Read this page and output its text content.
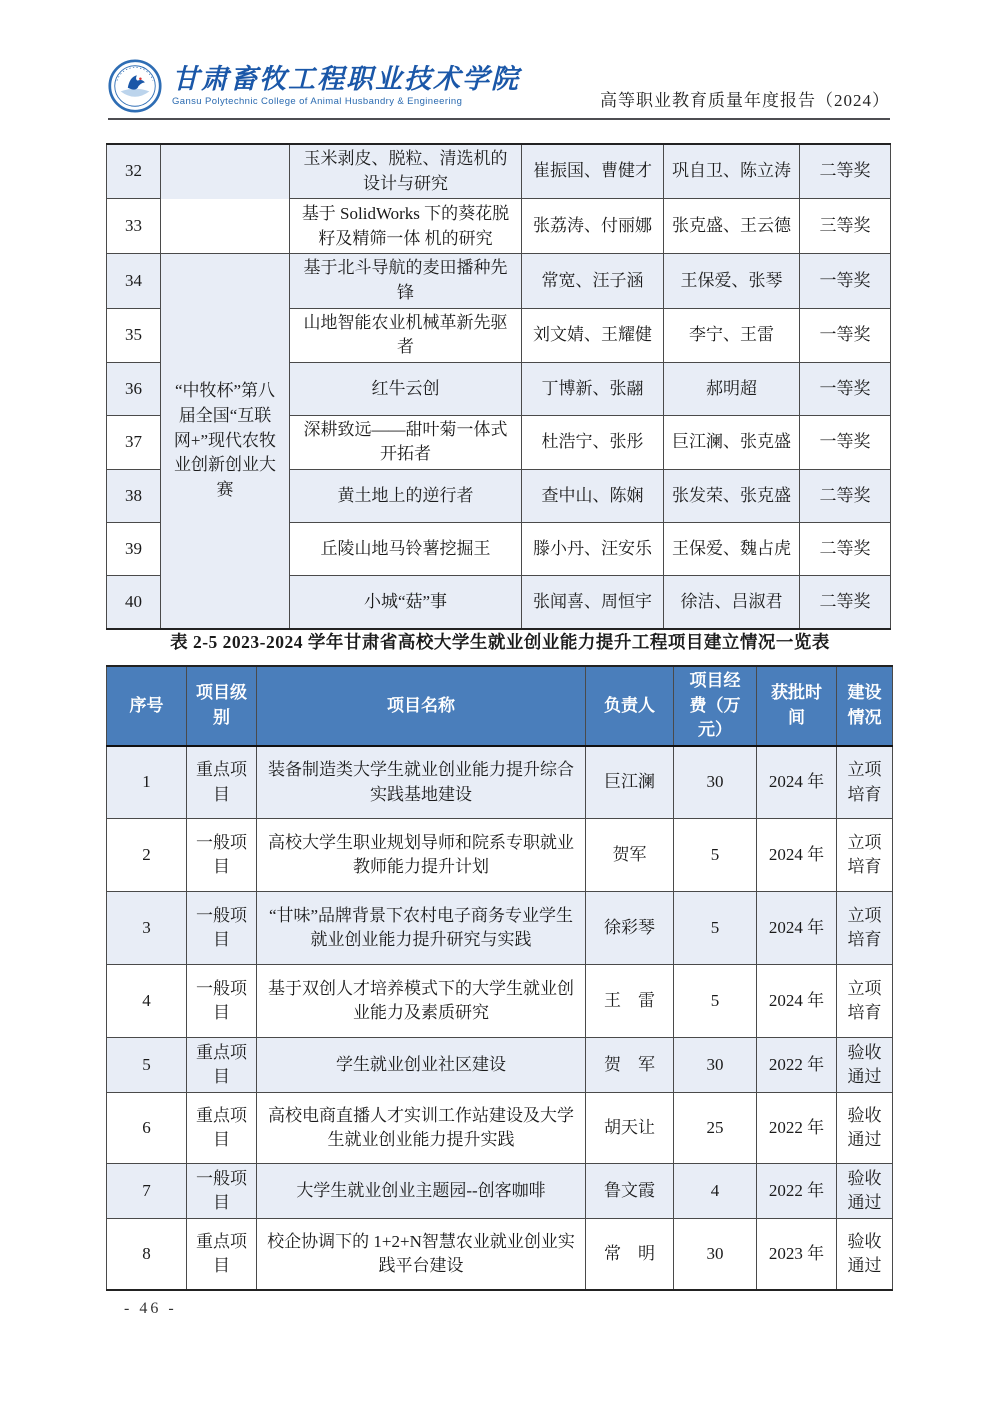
甘肃畜牧工程职业技术学院
Gansu Polytechnic College of Animal Husbandry & Engineering	高等职业教育质量年度报告（2024）
32		玉米剥皮、脱粒、清选机的设计与研究	崔振国、曹健才	巩自卫、陈立涛	二等奖
33		基于 SolidWorks 下的葵花脱籽及精筛一体 机的研究	张荔涛、付丽娜	张克盛、王云德	三等奖
34	“中牧杯”第八届全国“互联网+”现代农牧业创新创业大赛	基于北斗导航的麦田播种先锋	常宽、汪子涵	王保爱、张琴	一等奖
35		山地智能农业机械革新先驱者	刘文婧、王耀健	李宁、王雷	一等奖
36		红牛云创	丁博新、张翮	郝明超	一等奖
37		深耕致远——甜叶菊一体式开拓者	杜浩宁、张彤	巨江澜、张克盛	一等奖
38		黄土地上的逆行者	查中山、陈娴	张发荣、张克盛	二等奖
39		丘陵山地马铃薯挖掘王	滕小丹、汪安乐	王保爱、魏占虎	二等奖
40		小城“菇”事	张闻喜、周恒宇	徐洁、吕淑君	二等奖
表 2-5 2023-2024 学年甘肃省高校大学生就业创业能力提升工程项目建立情况一览表
序号	项目级别	项目名称	负责人	项目经费（万元）	获批时间	建设情况
1	重点项目	装备制造类大学生就业创业能力提升综合实践基地建设	巨江澜	30	2024 年	立项培育
2	一般项目	高校大学生职业规划导师和院系专职就业教师能力提升计划	贺军	5	2024 年	立项培育
3	一般项目	“甘味”品牌背景下农村电子商务专业学生就业创业能力提升研究与实践	徐彩琴	5	2024 年	立项培育
4	一般项目	基于双创人才培养模式下的大学生就业创业能力及素质研究	王　雷	5	2024 年	立项培育
5	重点项目	学生就业创业社区建设	贺　军	30	2022 年	验收通过
6	重点项目	高校电商直播人才实训工作站建设及大学生就业创业能力提升实践	胡天让	25	2022 年	验收通过
7	一般项目	大学生就业创业主题园--创客咖啡	鲁文霞	4	2022 年	验收通过
8	重点项目	校企协调下的 1+2+N智慧农业就业创业实践平台建设	常　明	30	2023 年	验收通过
- 46 -
